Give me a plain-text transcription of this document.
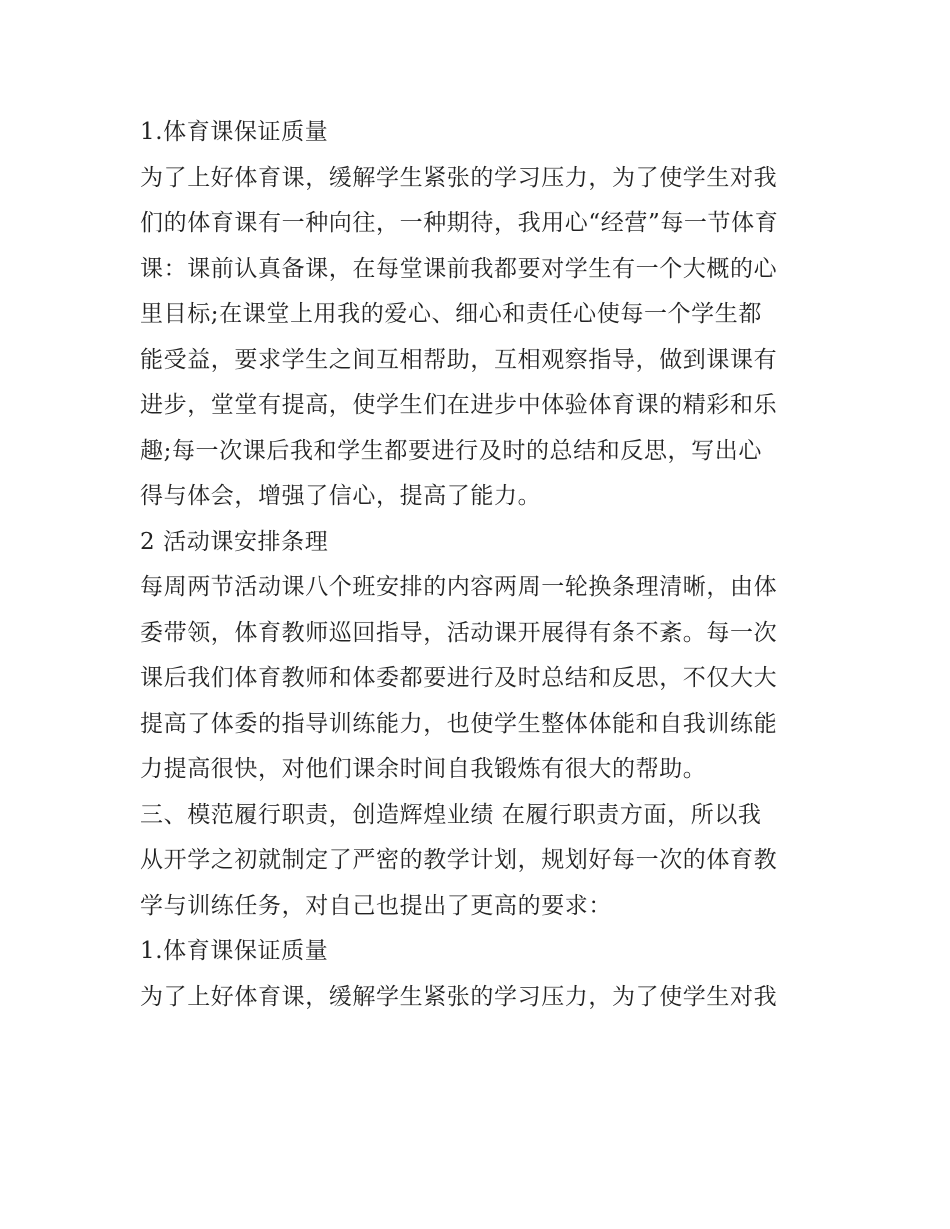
1.体育课保证质量
为了上好体育课，缓解学生紧张的学习压力，为了使学生对我
们的体育课有一种向往，一种期待，我用心“经营”每一节体育
课：课前认真备课，在每堂课前我都要对学生有一个大概的心
里目标;在课堂上用我的爱心、细心和责任心使每一个学生都
能受益，要求学生之间互相帮助，互相观察指导，做到课课有
进步，堂堂有提高，使学生们在进步中体验体育课的精彩和乐
趣;每一次课后我和学生都要进行及时的总结和反思，写出心
得与体会，增强了信心，提高了能力。
2 活动课安排条理
每周两节活动课八个班安排的内容两周一轮换条理清晰，由体
委带领，体育教师巡回指导，活动课开展得有条不紊。每一次
课后我们体育教师和体委都要进行及时总结和反思，不仅大大
提高了体委的指导训练能力，也使学生整体体能和自我训练能
力提高很快，对他们课余时间自我锻炼有很大的帮助。
三、模范履行职责，创造辉煌业绩 在履行职责方面，所以我
从开学之初就制定了严密的教学计划，规划好每一次的体育教
学与训练任务，对自己也提出了更高的要求：
1.体育课保证质量
为了上好体育课，缓解学生紧张的学习压力，为了使学生对我
